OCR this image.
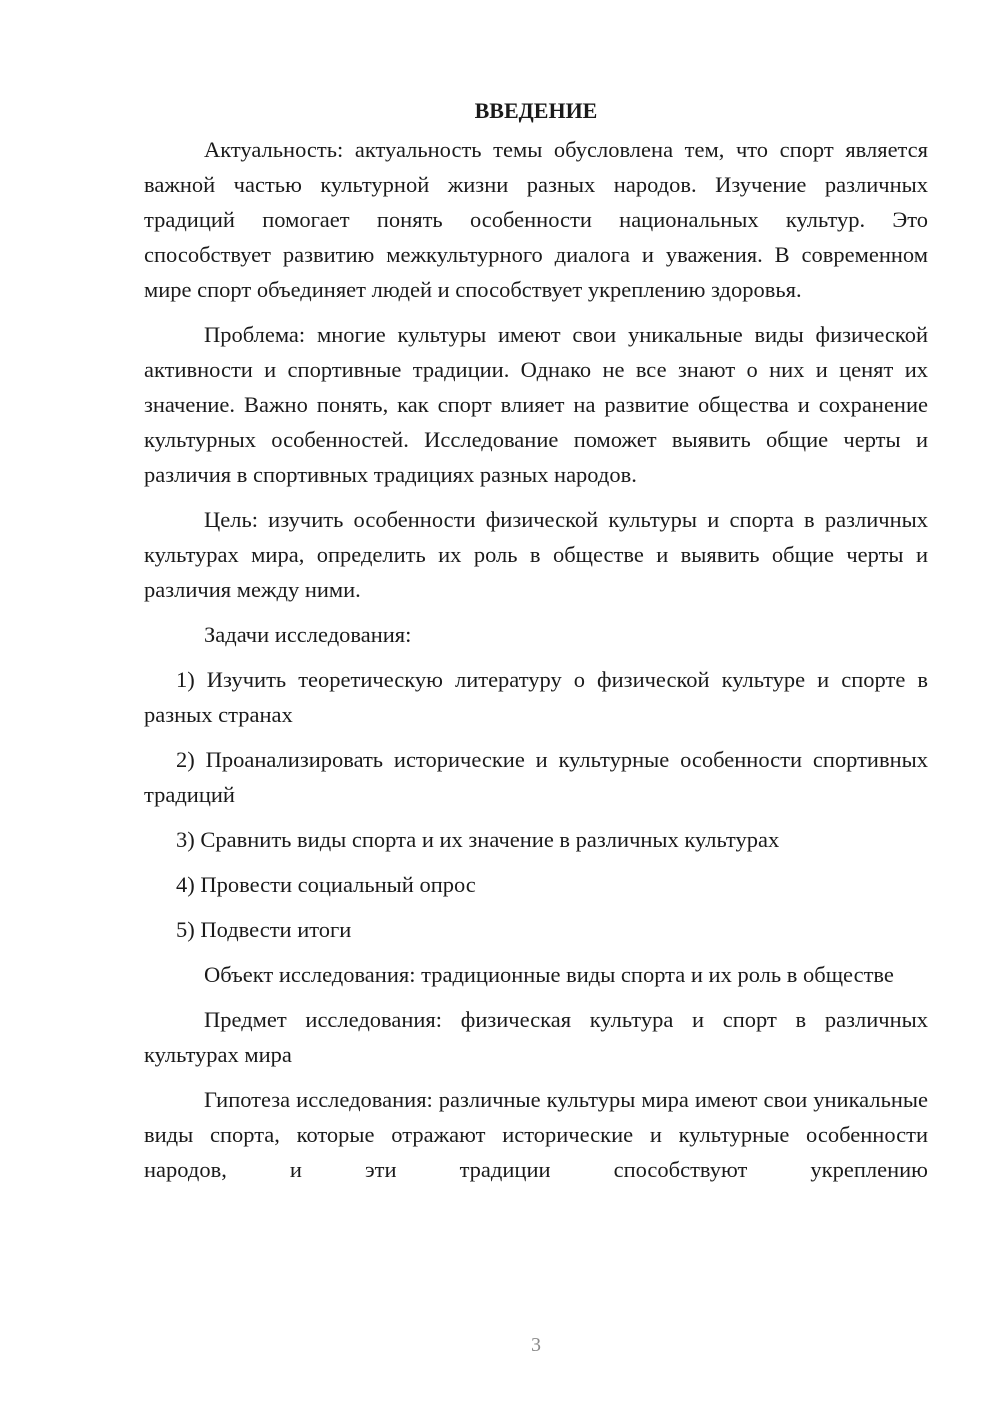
ВВЕДЕНИЕ

Актуальность: актуальность темы обусловлена тем, что спорт является важной частью культурной жизни разных народов. Изучение различных традиций помогает понять особенности национальных культур. Это способствует развитию межкультурного диалога и уважения. В современном мире спорт объединяет людей и способствует укреплению здоровья.

Проблема: многие культуры имеют свои уникальные виды физической активности и спортивные традиции. Однако не все знают о них и ценят их значение. Важно понять, как спорт влияет на развитие общества и сохранение культурных особенностей. Исследование поможет выявить общие черты и различия в спортивных традициях разных народов.

Цель: изучить особенности физической культуры и спорта в различных культурах мира, определить их роль в обществе и выявить общие черты и различия между ними.

Задачи исследования:

1) Изучить теоретическую литературу о физической культуре и спорте в разных странах

2) Проанализировать исторические и культурные особенности спортивных традиций

3) Сравнить виды спорта и их значение в различных культурах

4) Провести социальный опрос

5) Подвести итоги

Объект исследования: традиционные виды спорта и их роль в обществе

Предмет исследования: физическая культура и спорт в различных культурах мира

Гипотеза исследования: различные культуры мира имеют свои уникальные виды спорта, которые отражают исторические и культурные особенности народов, и эти традиции способствуют укреплению

3
